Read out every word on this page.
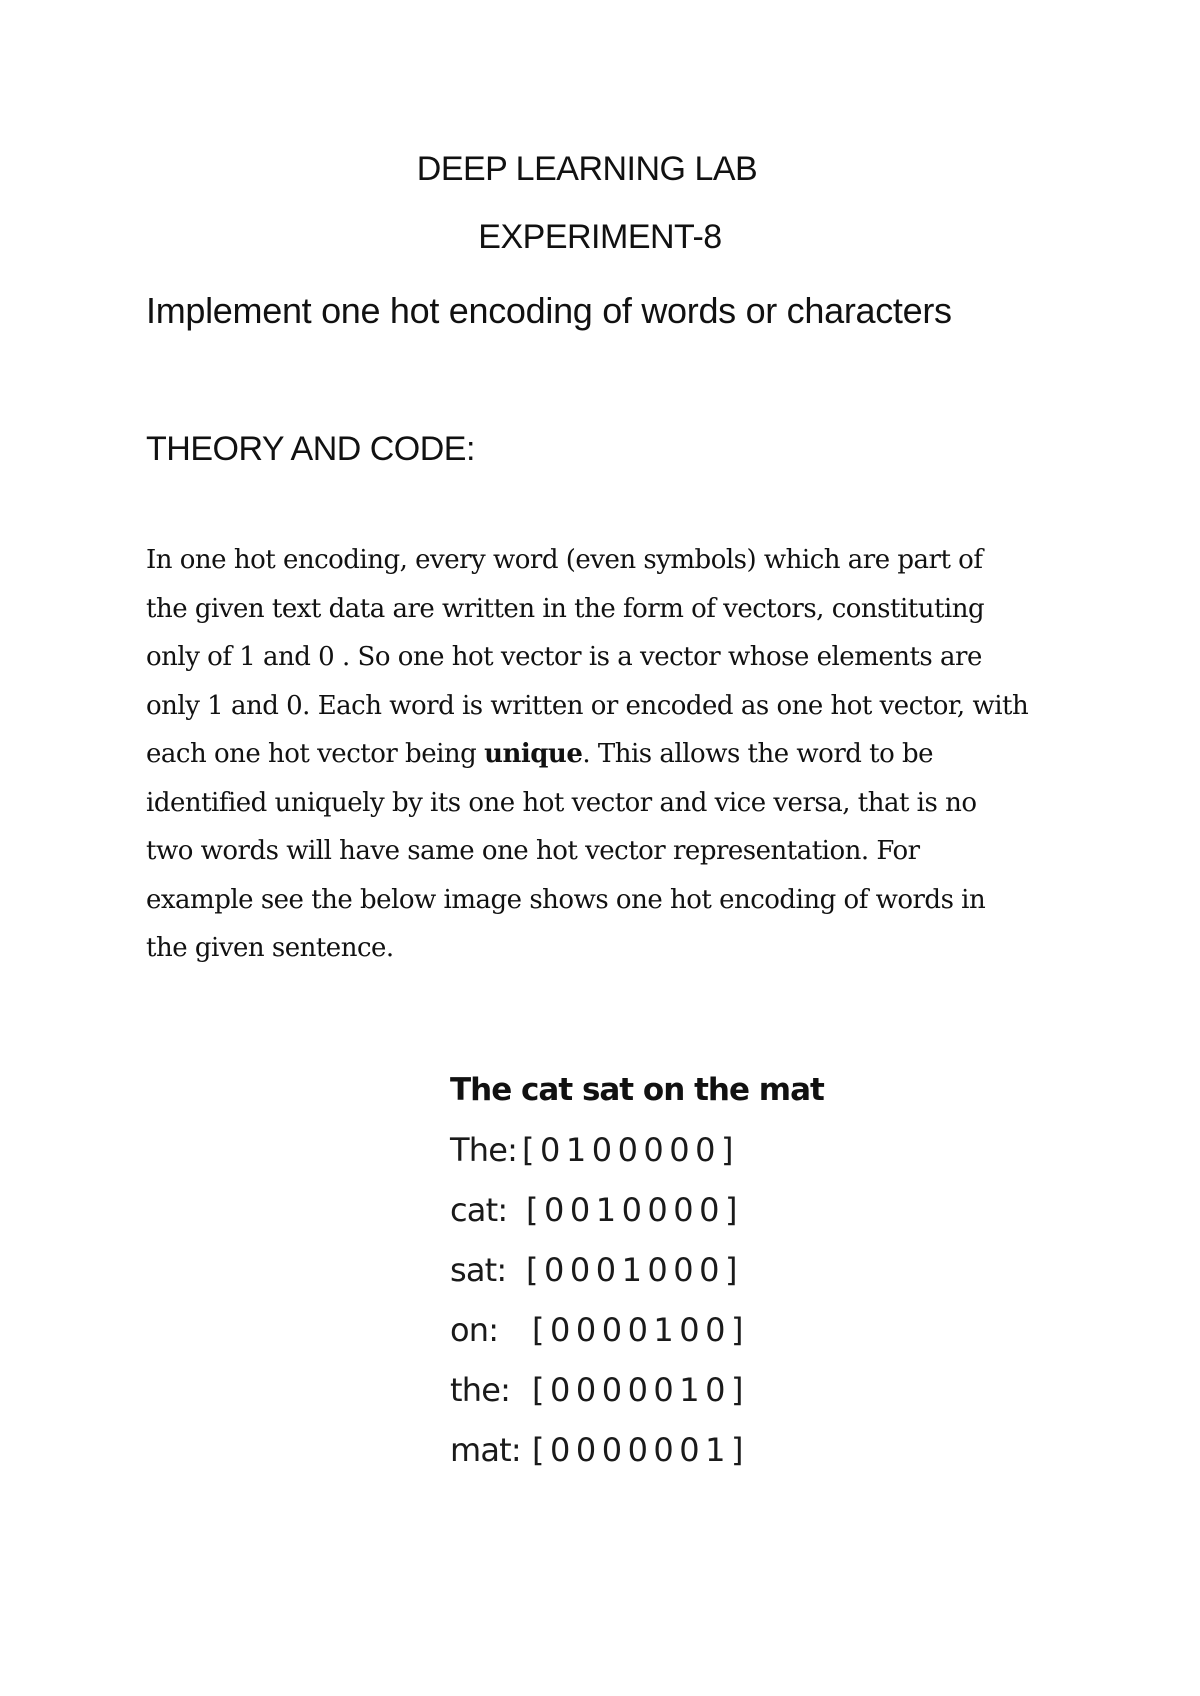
DEEP LEARNING LAB
EXPERIMENT-8
Implement one hot encoding of words or characters
THEORY AND CODE:
In one hot encoding, every word (even symbols) which are part of
the given text data are written in the form of vectors, constituting
only of 1 and 0 . So one hot vector is a vector whose elements are
only 1 and 0. Each word is written or encoded as one hot vector, with
each one hot vector being unique. This allows the word to be
identified uniquely by its one hot vector and vice versa, that is no
two words will have same one hot vector representation. For
example see the below image shows one hot encoding of words in
the given sentence.
The cat sat on the mat
The: [0100000]
cat: [0010000]
sat: [0001000]
on: [0000100]
the: [0000010]
mat: [0000001]
